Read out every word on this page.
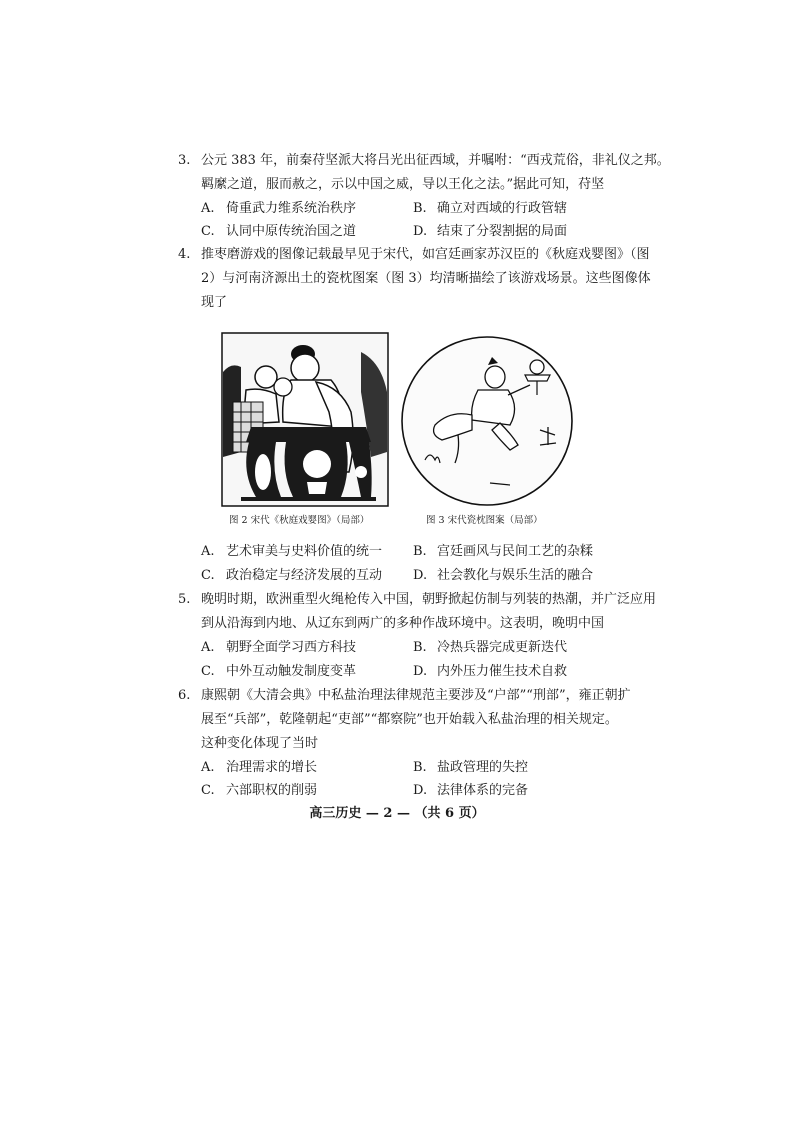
3. 公元 383 年，前秦苻坚派大将吕光出征西域，并嘱咐：“西戎荒俗，非礼仪之邦。
羁縻之道，服而赦之，示以中国之威，导以王化之法。”据此可知，苻坚
A. 倚重武力维系统治秩序	B. 确立对西域的行政管辖
C. 认同中原传统治国之道	D. 结束了分裂割据的局面
4. 推枣磨游戏的图像记载最早见于宋代，如宫廷画家苏汉臣的《秋庭戏婴图》（图
2）与河南济源出土的瓷枕图案（图 3）均清晰描绘了该游戏场景。这些图像体
现了
图 2 宋代《秋庭戏婴图》（局部）	图 3 宋代瓷枕图案（局部）
A. 艺术审美与史料价值的统一 B. 宫廷画风与民间工艺的杂糅
C. 政治稳定与经济发展的互动 D. 社会教化与娱乐生活的融合
5. 晚明时期，欧洲重型火绳枪传入中国，朝野掀起仿制与列装的热潮，并广泛应用
到从沿海到内地、从辽东到两广的多种作战环境中。这表明，晚明中国
A. 朝野全面学习西方科技	B. 冷热兵器完成更新迭代
C. 中外互动触发制度变革	D. 内外压力催生技术自救
6. 康熙朝《大清会典》中私盐治理法律规范主要涉及“户部”“刑部”，雍正朝扩
展至“兵部”，乾隆朝起“吏部”“都察院”也开始载入私盐治理的相关规定。
这种变化体现了当时
A. 治理需求的增长	B. 盐政管理的失控
C. 六部职权的削弱	D. 法律体系的完备
高三历史 — 2 — （共 6 页）
